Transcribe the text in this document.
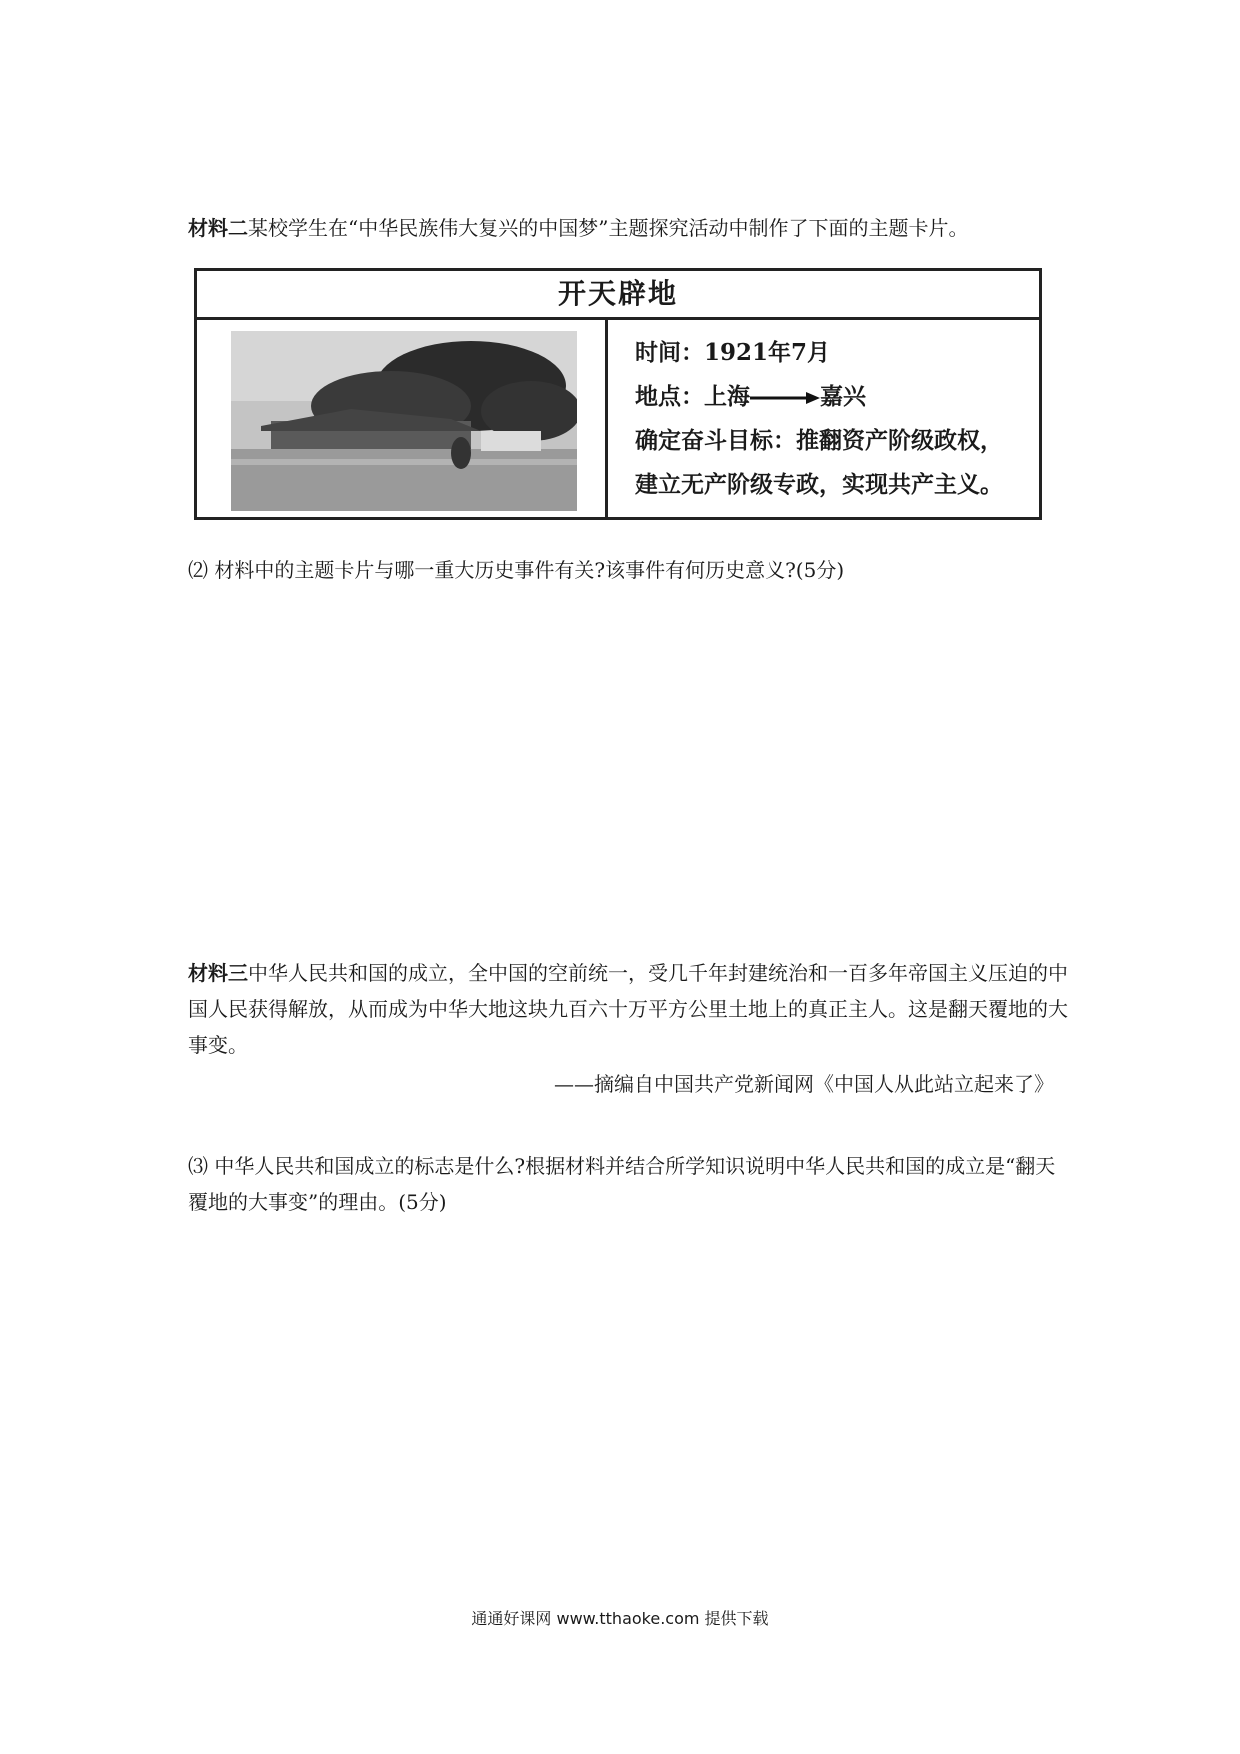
材料二某校学生在“中华民族伟大复兴的中国梦”主题探究活动中制作了下面的主题卡片。
开天辟地
时间：1921年7月
地点：上海	嘉兴
确定奋斗目标：推翻资产阶级政权，
建立无产阶级专政，实现共产主义。
⑵ 材料中的主题卡片与哪一重大历史事件有关?该事件有何历史意义?(5分)
材料三中华人民共和国的成立，全中国的空前统一，受几千年封建统治和一百多年帝国主义压迫的中国人民获得解放，从而成为中华大地这块九百六十万平方公里土地上的真正主人。这是翻天覆地的大事变。
——摘编自中国共产党新闻网《中国人从此站立起来了》
⑶ 中华人民共和国成立的标志是什么?根据材料并结合所学知识说明中华人民共和国的成立是“翻天覆地的大事变”的理由。(5分)
通通好课网 www.tthaoke.com 提供下载
